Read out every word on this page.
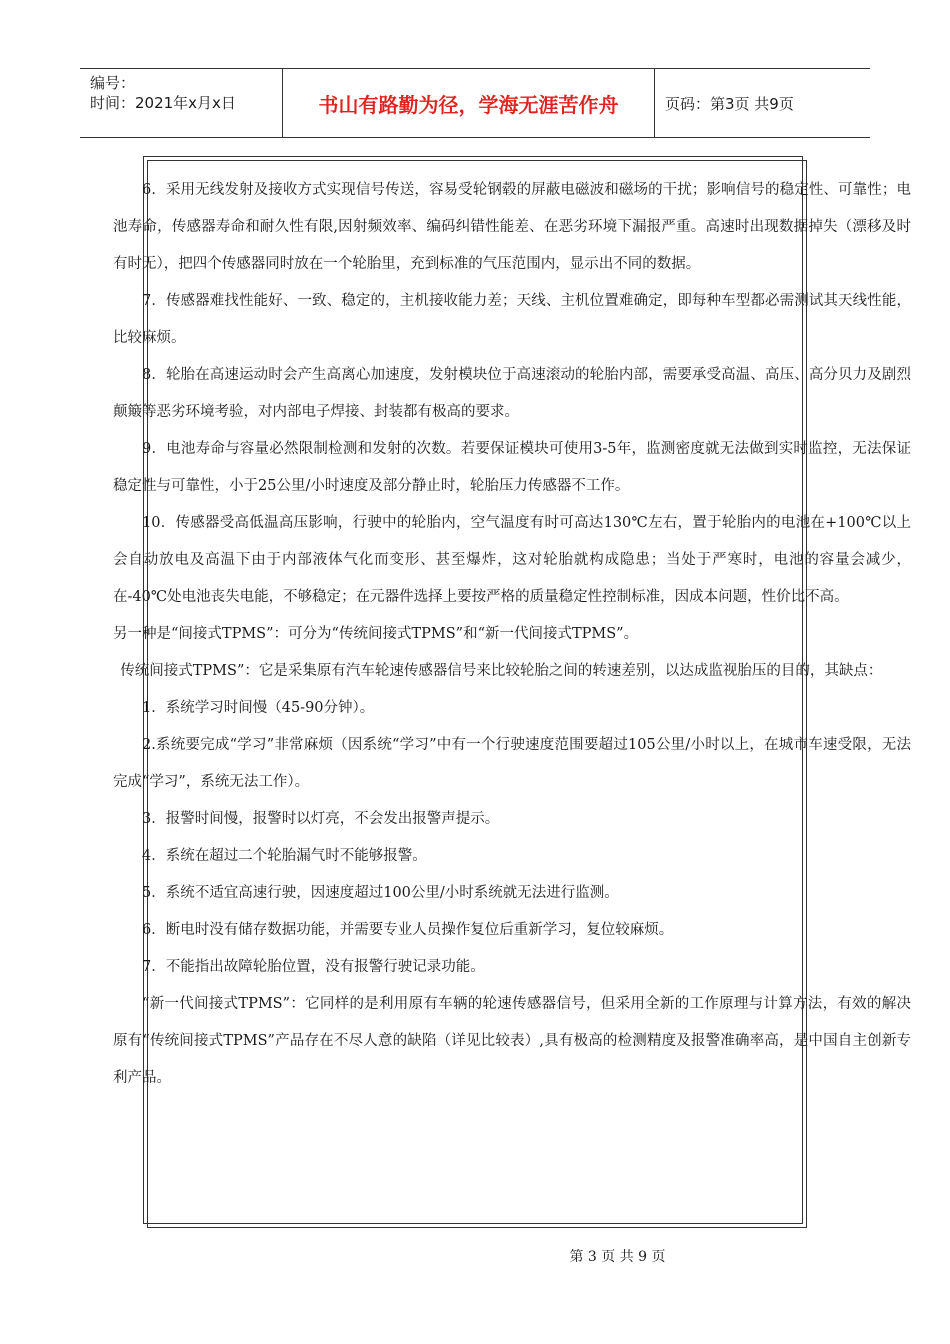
编号：
时间：2021年x月x日	书山有路勤为径，学海无涯苦作舟	页码：第3页 共9页

6．采用无线发射及接收方式实现信号传送，容易受轮钢毂的屏蔽电磁波和磁场的干扰；影响信号的稳定性、可靠性；电池寿命，传感器寿命和耐久性有限,因射频效率、编码纠错性能差、在恶劣环境下漏报严重。高速时出现数据掉失（漂移及时有时无），把四个传感器同时放在一个轮胎里，充到标准的气压范围内，显示出不同的数据。

7．传感器难找性能好、一致、稳定的，主机接收能力差；天线、主机位置难确定，即每种车型都必需测试其天线性能，比较麻烦。

8．轮胎在高速运动时会产生高离心加速度，发射模块位于高速滚动的轮胎内部，需要承受高温、高压、高分贝力及剧烈颠簸等恶劣环境考验，对内部电子焊接、封装都有极高的要求。

9．电池寿命与容量必然限制检测和发射的次数。若要保证模块可使用3-5年，监测密度就无法做到实时监控，无法保证稳定性与可靠性，小于25公里/小时速度及部分静止时，轮胎压力传感器不工作。

10．传感器受高低温高压影响，行驶中的轮胎内，空气温度有时可高达130℃左右，置于轮胎内的电池在+100℃以上会自动放电及高温下由于内部液体气化而变形、甚至爆炸，这对轮胎就构成隐患；当处于严寒时，电池的容量会减少，在-40℃处电池丧失电能，不够稳定；在元器件选择上要按严格的质量稳定性控制标准，因成本问题，性价比不高。

另一种是“间接式TPMS”：可分为“传统间接式TPMS”和“新一代间接式TPMS”。

传统间接式TPMS”：它是采集原有汽车轮速传感器信号来比较轮胎之间的转速差别，以达成监视胎压的目的，其缺点：

1．系统学习时间慢（45-90分钟）。

2.系统要完成“学习”非常麻烦（因系统“学习”中有一个行驶速度范围要超过105公里/小时以上，在城市车速受限，无法完成“学习”，系统无法工作）。

3．报警时间慢，报警时以灯亮，不会发出报警声提示。

4．系统在超过二个轮胎漏气时不能够报警。

5．系统不适宜高速行驶，因速度超过100公里/小时系统就无法进行监测。

6．断电时没有储存数据功能，并需要专业人员操作复位后重新学习，复位较麻烦。

7．不能指出故障轮胎位置，没有报警行驶记录功能。

“新一代间接式TPMS”：它同样的是利用原有车辆的轮速传感器信号，但采用全新的工作原理与计算方法，有效的解决原有“传统间接式TPMS”产品存在不尽人意的缺陷（详见比较表）,具有极高的检测精度及报警准确率高，是中国自主创新专利产品。

第 3 页 共 9 页
